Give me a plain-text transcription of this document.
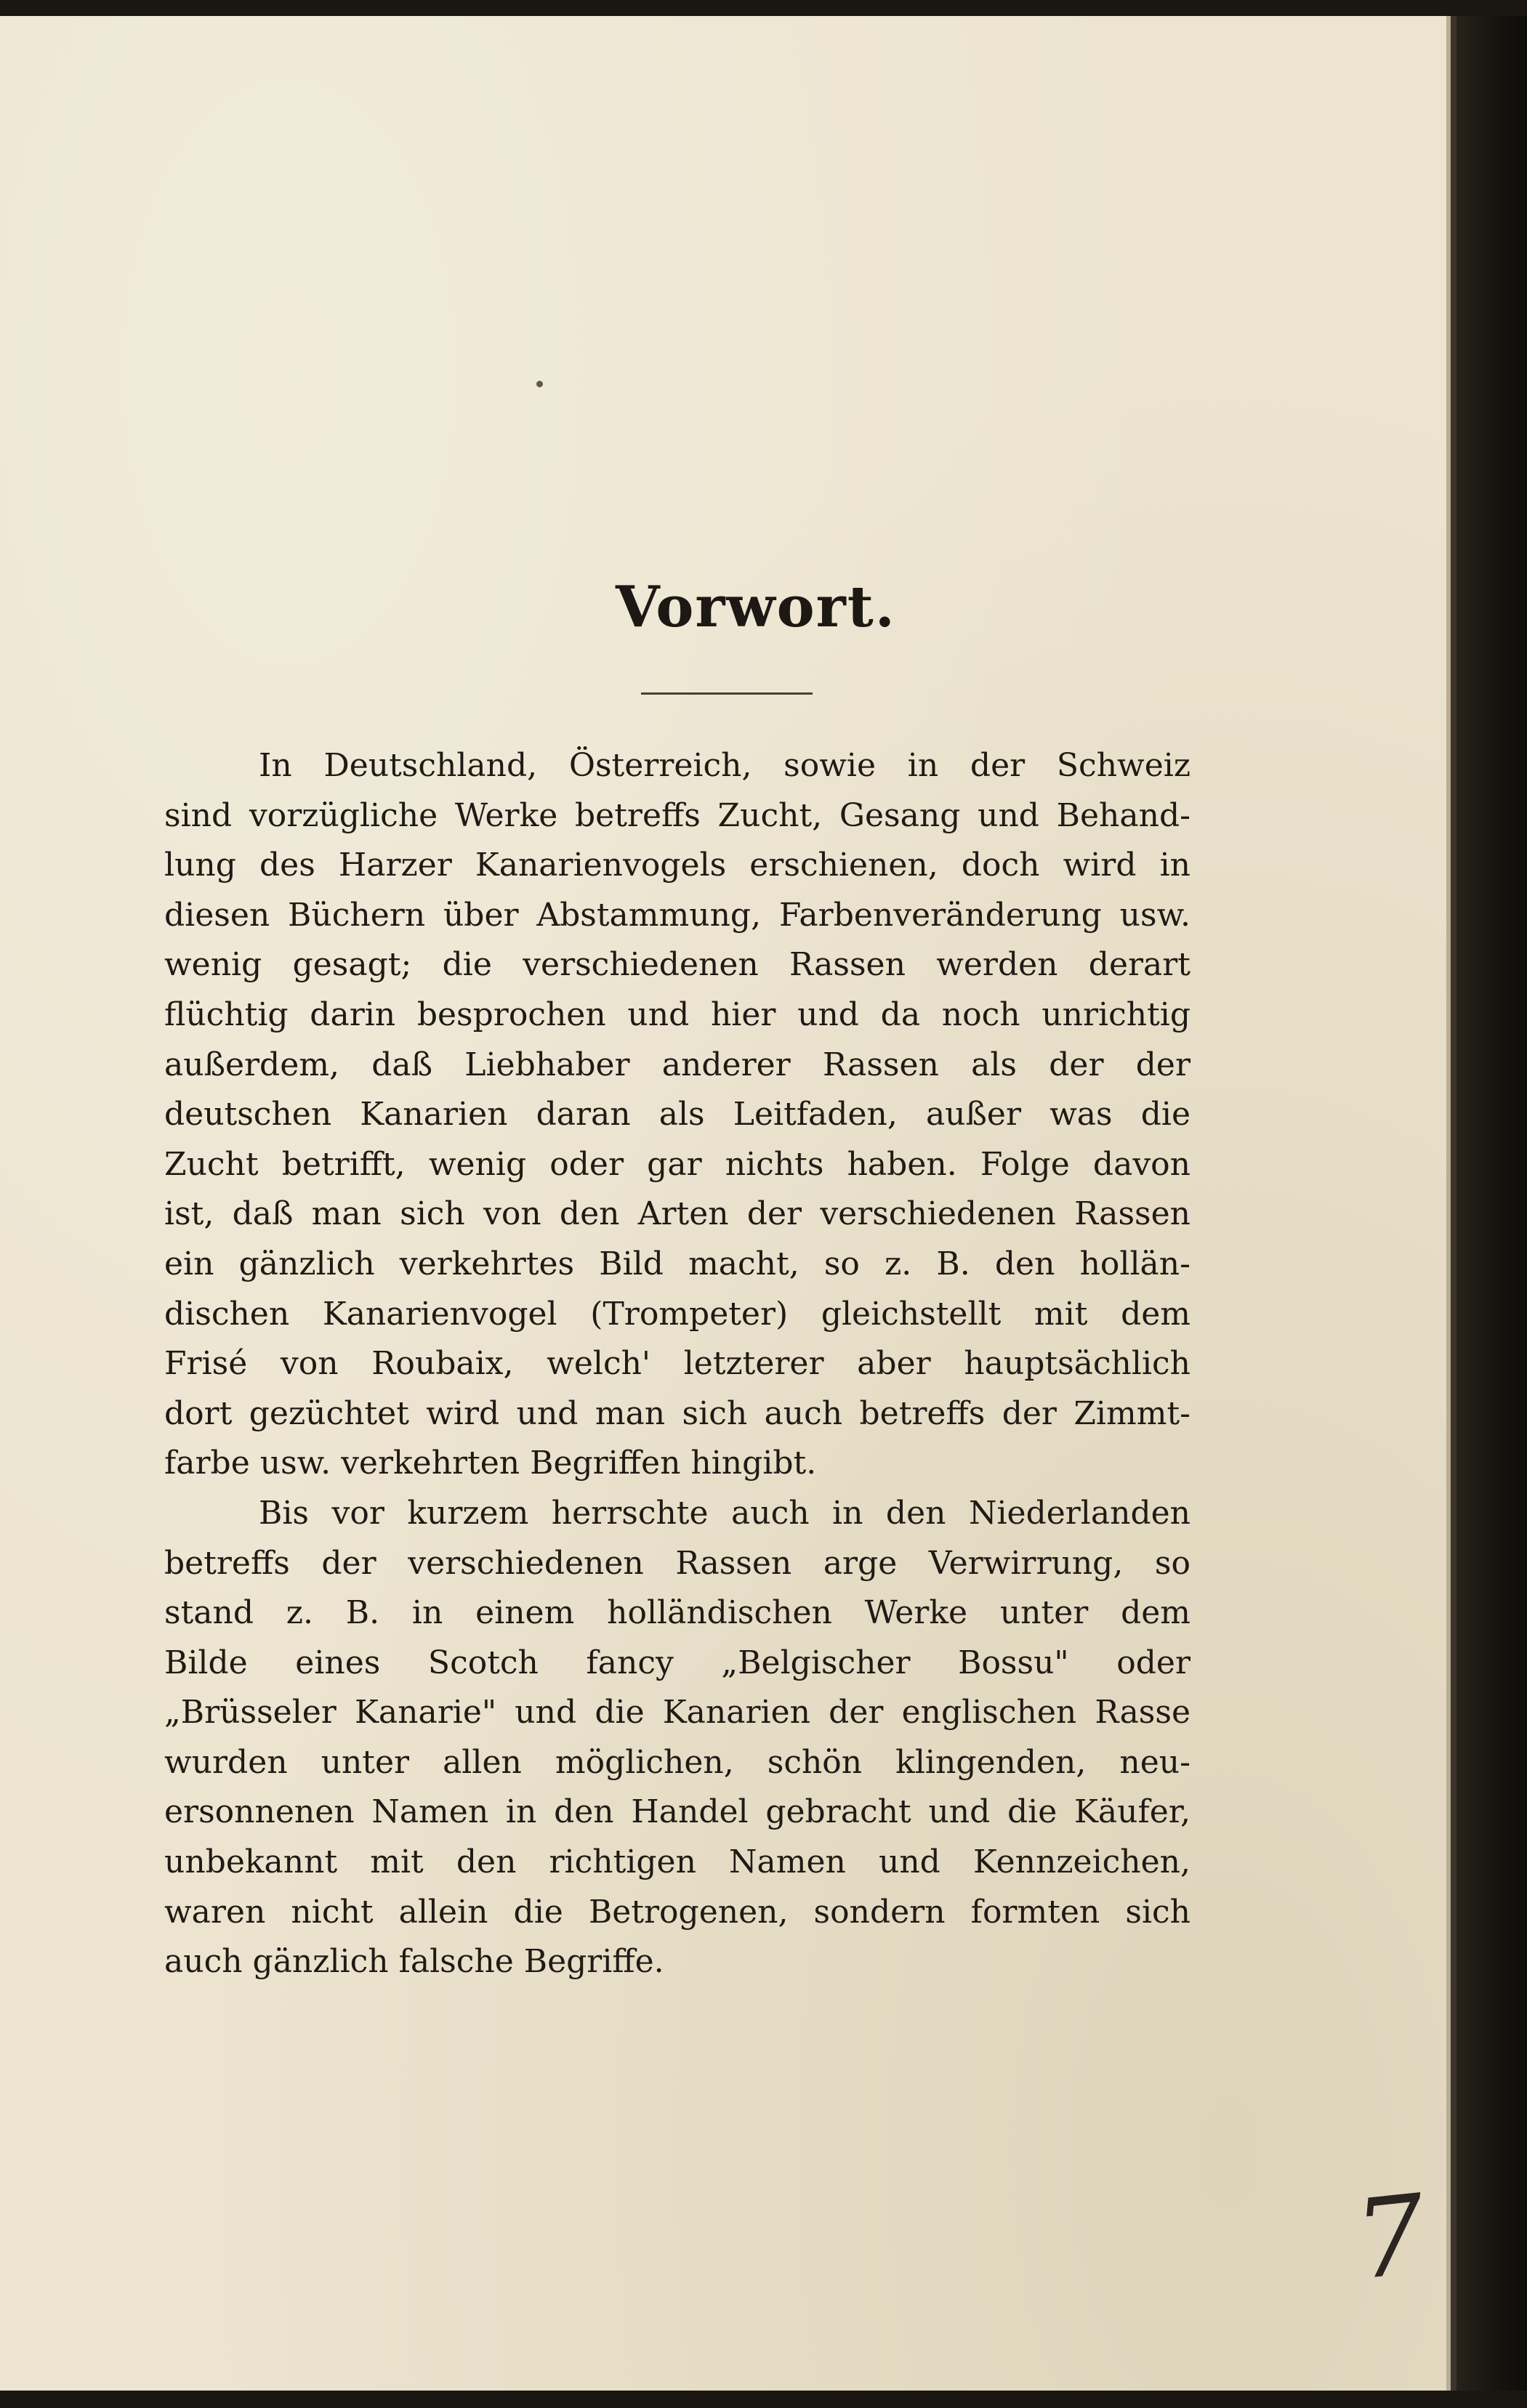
Vorwort.

In Deutschland, Österreich, sowie in der Schweiz
sind vorzügliche Werke betreffs Zucht, Gesang und Behand-
lung des Harzer Kanarienvogels erschienen, doch wird in
diesen Büchern über Abstammung, Farbenveränderung usw.
wenig gesagt; die verschiedenen Rassen werden derart
flüchtig darin besprochen und hier und da noch unrichtig
außerdem, daß Liebhaber anderer Rassen als der der
deutschen Kanarien daran als Leitfaden, außer was die
Zucht betrifft, wenig oder gar nichts haben. Folge davon
ist, daß man sich von den Arten der verschiedenen Rassen
ein gänzlich verkehrtes Bild macht, so z. B. den hollän-
dischen Kanarienvogel (Trompeter) gleichstellt mit dem
Frisé von Roubaix, welch' letzterer aber hauptsächlich
dort gezüchtet wird und man sich auch betreffs der Zimmt-
farbe usw. verkehrten Begriffen hingibt.

Bis vor kurzem herrschte auch in den Niederlanden
betreffs der verschiedenen Rassen arge Verwirrung, so
stand z. B. in einem holländischen Werke unter dem
Bilde eines Scotch fancy „Belgischer Bossu" oder
„Brüsseler Kanarie" und die Kanarien der englischen Rasse
wurden unter allen möglichen, schön klingenden, neu-
ersonnenen Namen in den Handel gebracht und die Käufer,
unbekannt mit den richtigen Namen und Kennzeichen,
waren nicht allein die Betrogenen, sondern formten sich
auch gänzlich falsche Begriffe.

7
